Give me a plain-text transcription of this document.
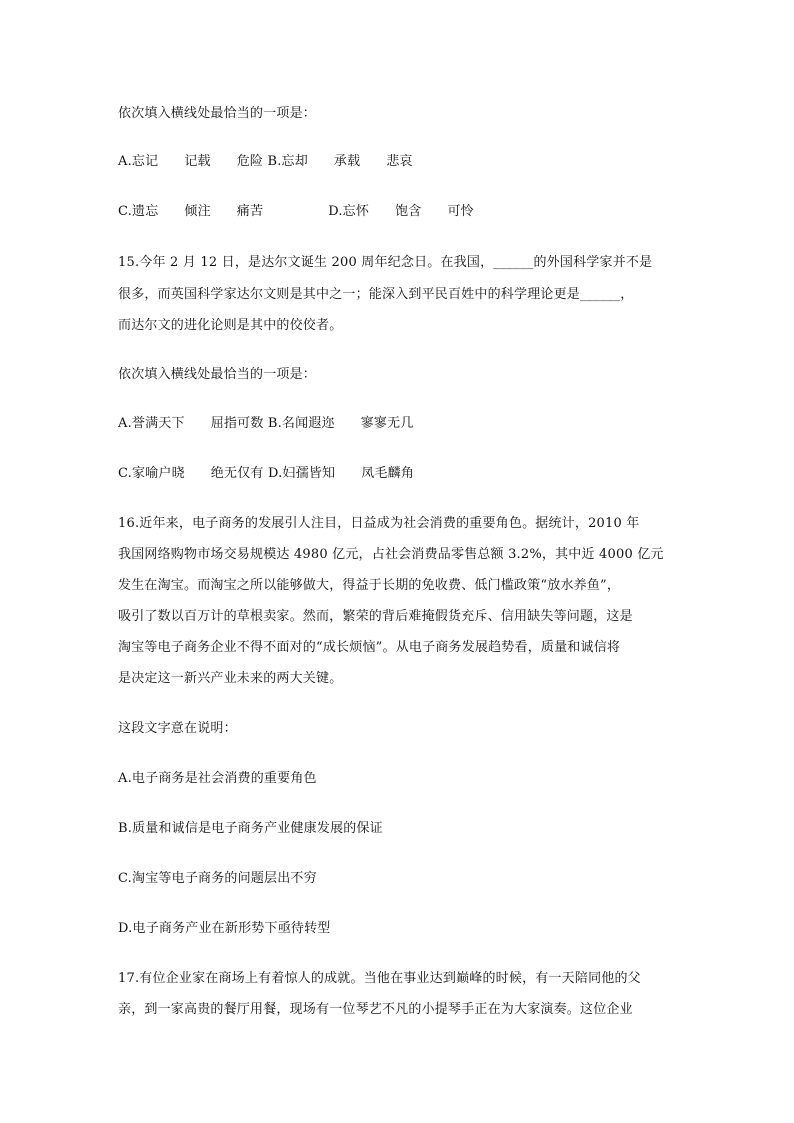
依次填入横线处最恰当的一项是：
A.忘记      记载      危险 B.忘却      承载      悲哀
C.遗忘      倾注      痛苦               D.忘怀      饱含      可怜
15.今年 2 月 12 日，是达尔文诞生 200 周年纪念日。在我国，______的外国科学家并不是
很多，而英国科学家达尔文则是其中之一；能深入到平民百姓中的科学理论更是______，
而达尔文的进化论则是其中的佼佼者。
依次填入横线处最恰当的一项是：
A.誉满天下      屈指可数 B.名闻遐迩      寥寥无几
C.家喻户晓      绝无仅有 D.妇孺皆知      凤毛麟角
16.近年来，电子商务的发展引人注目，日益成为社会消费的重要角色。据统计，2010 年
我国网络购物市场交易规模达 4980 亿元，占社会消费品零售总额 3.2%，其中近 4000 亿元
发生在淘宝。而淘宝之所以能够做大，得益于长期的免收费、低门槛政策“放水养鱼”，
吸引了数以百万计的草根卖家。然而，繁荣的背后难掩假货充斥、信用缺失等问题，这是
淘宝等电子商务企业不得不面对的“成长烦恼”。从电子商务发展趋势看，质量和诚信将
是决定这一新兴产业未来的两大关键。
这段文字意在说明：
A.电子商务是社会消费的重要角色
B.质量和诚信是电子商务产业健康发展的保证
C.淘宝等电子商务的问题层出不穷
D.电子商务产业在新形势下亟待转型
17.有位企业家在商场上有着惊人的成就。当他在事业达到巅峰的时候，有一天陪同他的父
亲，到一家高贵的餐厅用餐，现场有一位琴艺不凡的小提琴手正在为大家演奏。这位企业
